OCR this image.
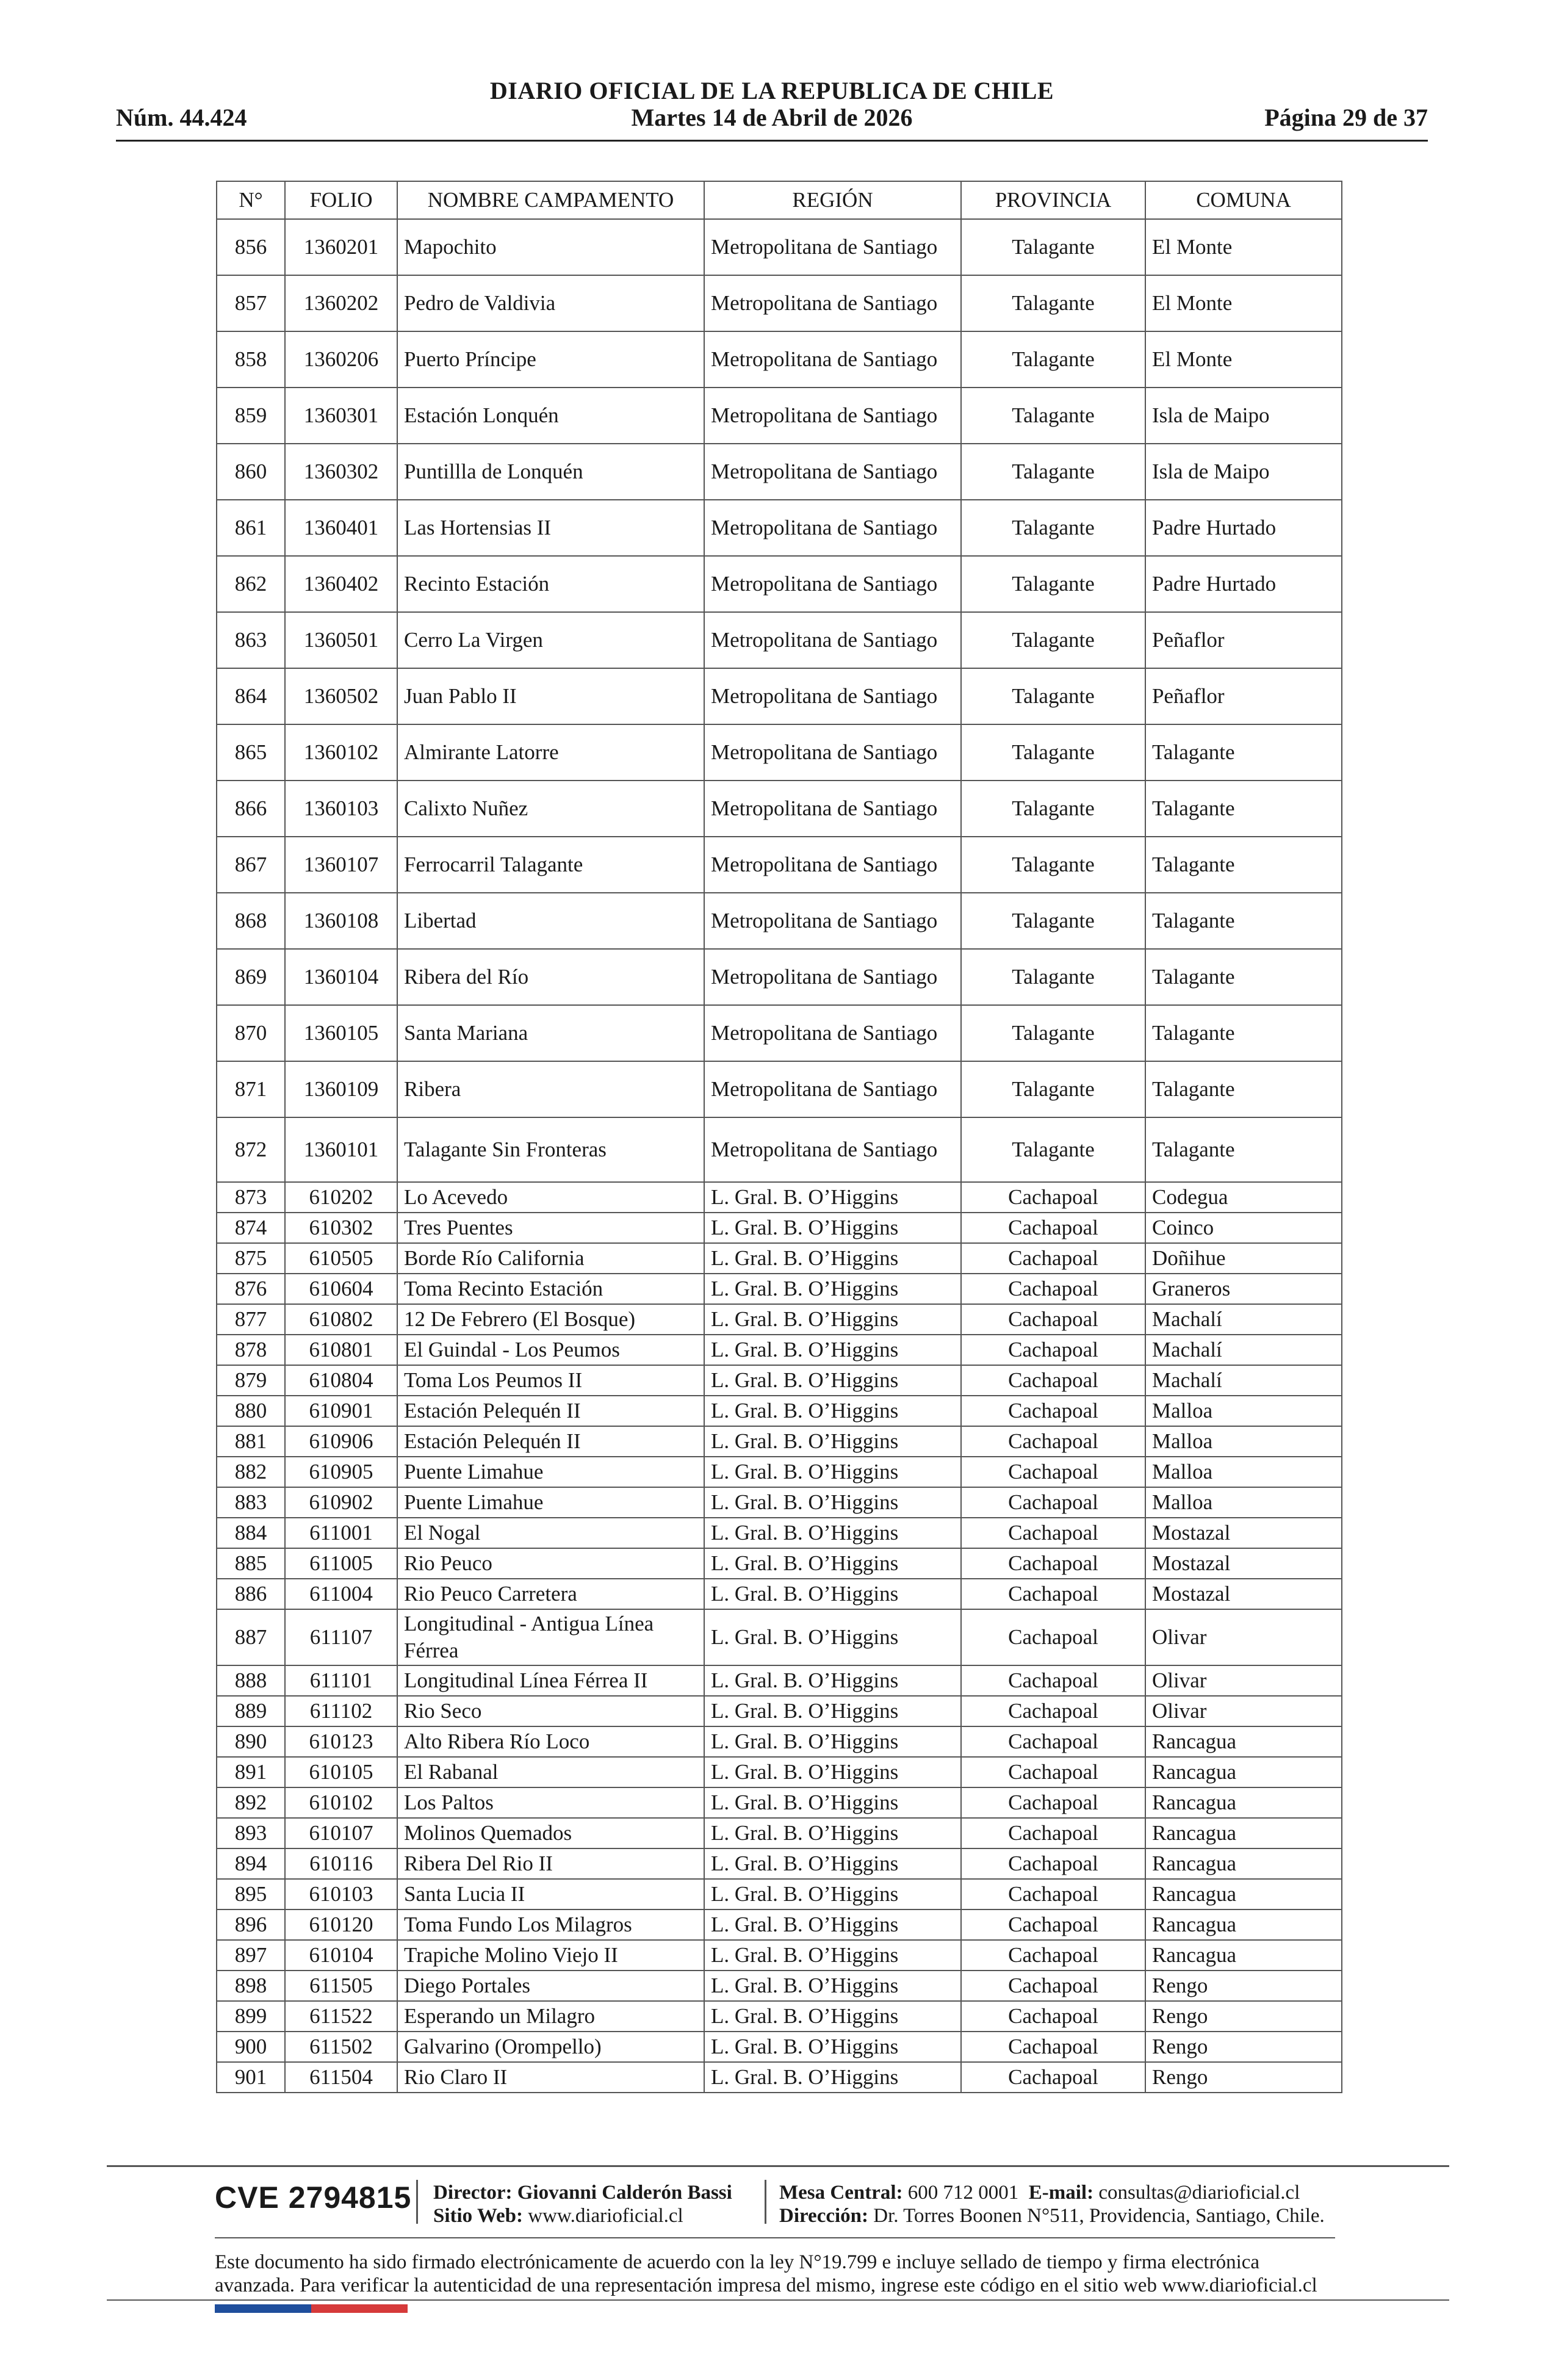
DIARIO OFICIAL DE LA REPUBLICA DE CHILE
Núm. 44.424	Martes 14 de Abril de 2026	Página 29 de 37
N°	FOLIO	NOMBRE CAMPAMENTO	REGIÓN	PROVINCIA	COMUNA
856	1360201	Mapochito	Metropolitana de Santiago	Talagante	El Monte
857	1360202	Pedro de Valdivia	Metropolitana de Santiago	Talagante	El Monte
858	1360206	Puerto Príncipe	Metropolitana de Santiago	Talagante	El Monte
859	1360301	Estación Lonquén	Metropolitana de Santiago	Talagante	Isla de Maipo
860	1360302	Puntillla de Lonquén	Metropolitana de Santiago	Talagante	Isla de Maipo
861	1360401	Las Hortensias II	Metropolitana de Santiago	Talagante	Padre Hurtado
862	1360402	Recinto Estación	Metropolitana de Santiago	Talagante	Padre Hurtado
863	1360501	Cerro La Virgen	Metropolitana de Santiago	Talagante	Peñaflor
864	1360502	Juan Pablo II	Metropolitana de Santiago	Talagante	Peñaflor
865	1360102	Almirante Latorre	Metropolitana de Santiago	Talagante	Talagante
866	1360103	Calixto Nuñez	Metropolitana de Santiago	Talagante	Talagante
867	1360107	Ferrocarril Talagante	Metropolitana de Santiago	Talagante	Talagante
868	1360108	Libertad	Metropolitana de Santiago	Talagante	Talagante
869	1360104	Ribera del Río	Metropolitana de Santiago	Talagante	Talagante
870	1360105	Santa Mariana	Metropolitana de Santiago	Talagante	Talagante
871	1360109	Ribera	Metropolitana de Santiago	Talagante	Talagante
872	1360101	Talagante Sin Fronteras	Metropolitana de Santiago	Talagante	Talagante
873	610202	Lo Acevedo	L. Gral. B. O’Higgins	Cachapoal	Codegua
874	610302	Tres Puentes	L. Gral. B. O’Higgins	Cachapoal	Coinco
875	610505	Borde Río California	L. Gral. B. O’Higgins	Cachapoal	Doñihue
876	610604	Toma Recinto Estación	L. Gral. B. O’Higgins	Cachapoal	Graneros
877	610802	12 De Febrero (El Bosque)	L. Gral. B. O’Higgins	Cachapoal	Machalí
878	610801	El Guindal - Los Peumos	L. Gral. B. O’Higgins	Cachapoal	Machalí
879	610804	Toma Los Peumos II	L. Gral. B. O’Higgins	Cachapoal	Machalí
880	610901	Estación Pelequén II	L. Gral. B. O’Higgins	Cachapoal	Malloa
881	610906	Estación Pelequén II	L. Gral. B. O’Higgins	Cachapoal	Malloa
882	610905	Puente Limahue	L. Gral. B. O’Higgins	Cachapoal	Malloa
883	610902	Puente Limahue	L. Gral. B. O’Higgins	Cachapoal	Malloa
884	611001	El Nogal	L. Gral. B. O’Higgins	Cachapoal	Mostazal
885	611005	Rio Peuco	L. Gral. B. O’Higgins	Cachapoal	Mostazal
886	611004	Rio Peuco Carretera	L. Gral. B. O’Higgins	Cachapoal	Mostazal
887	611107	Longitudinal - Antigua Línea Férrea	L. Gral. B. O’Higgins	Cachapoal	Olivar
888	611101	Longitudinal Línea Férrea II	L. Gral. B. O’Higgins	Cachapoal	Olivar
889	611102	Rio Seco	L. Gral. B. O’Higgins	Cachapoal	Olivar
890	610123	Alto Ribera Río Loco	L. Gral. B. O’Higgins	Cachapoal	Rancagua
891	610105	El Rabanal	L. Gral. B. O’Higgins	Cachapoal	Rancagua
892	610102	Los Paltos	L. Gral. B. O’Higgins	Cachapoal	Rancagua
893	610107	Molinos Quemados	L. Gral. B. O’Higgins	Cachapoal	Rancagua
894	610116	Ribera Del Rio II	L. Gral. B. O’Higgins	Cachapoal	Rancagua
895	610103	Santa Lucia II	L. Gral. B. O’Higgins	Cachapoal	Rancagua
896	610120	Toma Fundo Los Milagros	L. Gral. B. O’Higgins	Cachapoal	Rancagua
897	610104	Trapiche Molino Viejo II	L. Gral. B. O’Higgins	Cachapoal	Rancagua
898	611505	Diego Portales	L. Gral. B. O’Higgins	Cachapoal	Rengo
899	611522	Esperando un Milagro	L. Gral. B. O’Higgins	Cachapoal	Rengo
900	611502	Galvarino (Orompello)	L. Gral. B. O’Higgins	Cachapoal	Rengo
901	611504	Rio Claro II	L. Gral. B. O’Higgins	Cachapoal	Rengo
CVE 2794815 Director: Giovanni Calderón Bassi
Sitio Web: www.diarioficial.cl
Mesa Central: 600 712 0001 E-mail: consultas@diarioficial.cl
Dirección: Dr. Torres Boonen N°511, Providencia, Santiago, Chile.
Este documento ha sido firmado electrónicamente de acuerdo con la ley N°19.799 e incluye sellado de tiempo y firma electrónica avanzada. Para verificar la autenticidad de una representación impresa del mismo, ingrese este código en el sitio web www.diarioficial.cl
